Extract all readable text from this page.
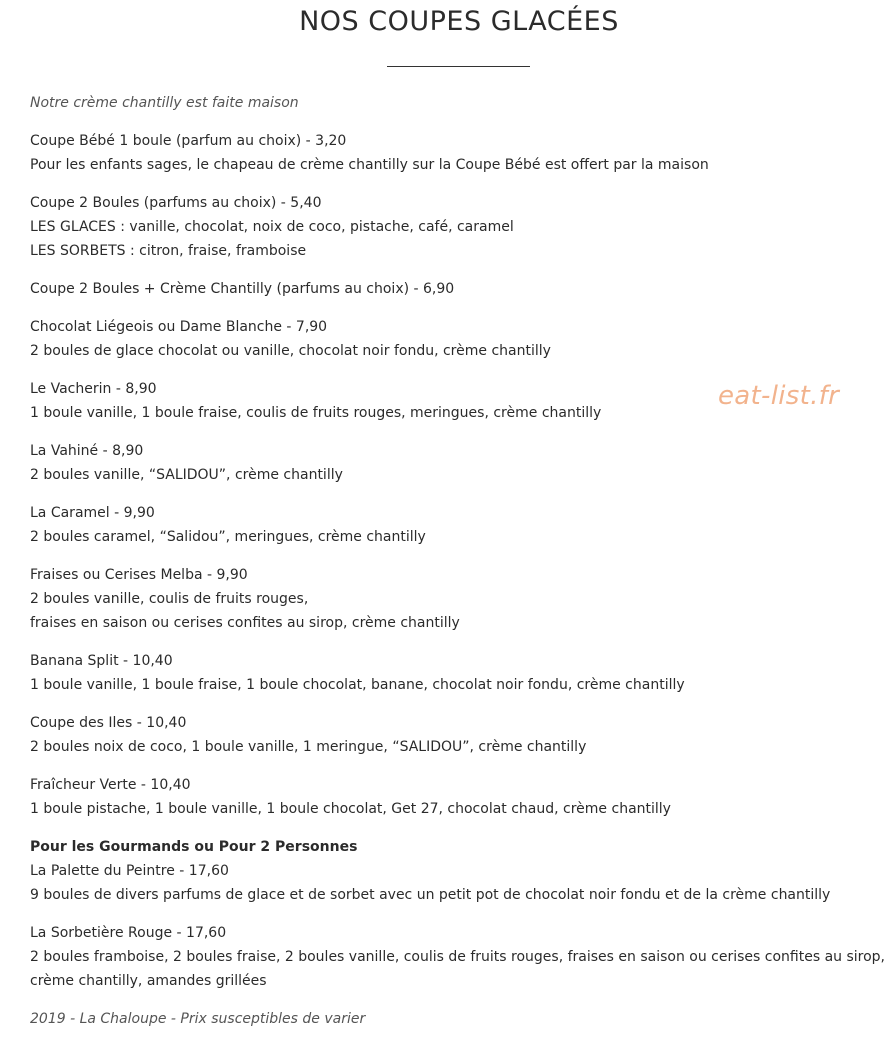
NOS COUPES GLACÉES
eat-list.fr
Notre crème chantilly est faite maison
Coupe Bébé 1 boule (parfum au choix) - 3,20
Pour les enfants sages, le chapeau de crème chantilly sur la Coupe Bébé est offert par la maison
Coupe 2 Boules (parfums au choix) - 5,40
LES GLACES : vanille, chocolat, noix de coco, pistache, café, caramel
LES SORBETS : citron, fraise, framboise
Coupe 2 Boules + Crème Chantilly (parfums au choix) - 6,90
Chocolat Liégeois ou Dame Blanche - 7,90
2 boules de glace chocolat ou vanille, chocolat noir fondu, crème chantilly
Le Vacherin - 8,90
1 boule vanille, 1 boule fraise, coulis de fruits rouges, meringues, crème chantilly
La Vahiné - 8,90
2 boules vanille, “SALIDOU”, crème chantilly
La Caramel - 9,90
2 boules caramel, “Salidou”, meringues, crème chantilly
Fraises ou Cerises Melba - 9,90
2 boules vanille, coulis de fruits rouges,
fraises en saison ou cerises confites au sirop, crème chantilly
Banana Split - 10,40
1 boule vanille, 1 boule fraise, 1 boule chocolat, banane, chocolat noir fondu, crème chantilly
Coupe des Iles - 10,40
2 boules noix de coco, 1 boule vanille, 1 meringue, “SALIDOU”, crème chantilly
Fraîcheur Verte - 10,40
1 boule pistache, 1 boule vanille, 1 boule chocolat, Get 27, chocolat chaud, crème chantilly
Pour les Gourmands ou Pour 2 Personnes
La Palette du Peintre - 17,60
9 boules de divers parfums de glace et de sorbet avec un petit pot de chocolat noir fondu et de la crème chantilly
La Sorbetière Rouge - 17,60
2 boules framboise, 2 boules fraise, 2 boules vanille, coulis de fruits rouges, fraises en saison ou cerises confites au sirop,
crème chantilly, amandes grillées
2019 - La Chaloupe - Prix susceptibles de varier
